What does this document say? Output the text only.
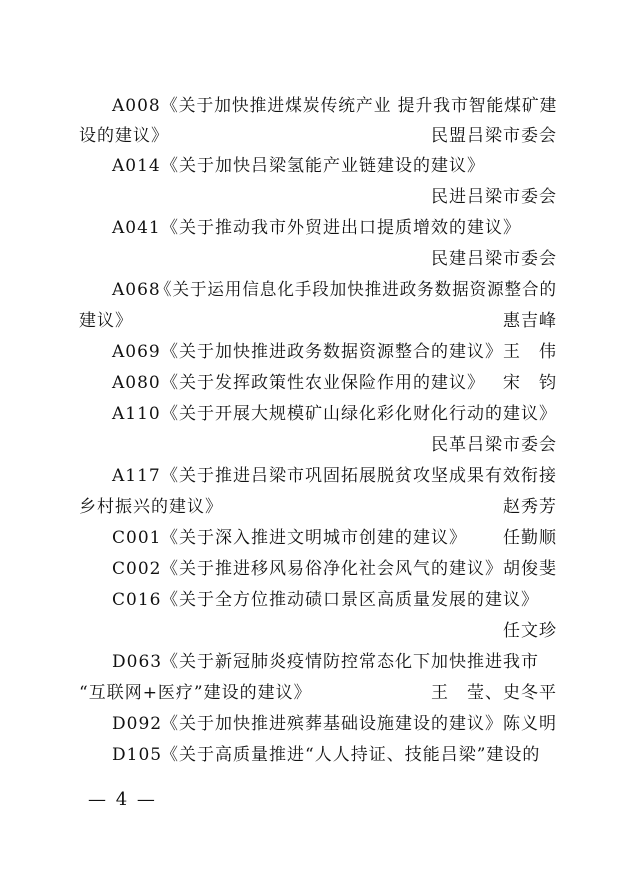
A008 《关于加快推进煤炭传统产业 提升我市智能煤矿建
设的建议》	民盟吕梁市委会
A014 《关于加快吕梁氢能产业链建设的建议》
民进吕梁市委会
A041 《关于推动我市外贸进出口提质增效的建议》
民建吕梁市委会
A068
《关于运用信息化手段加快推进政务数据资源整合的
建议》	惠吉峰
A069 《关于加快推进政务数据资源整合的建议》 王　伟
A080 《关于发挥政策性农业保险作用的建议》 宋　钧
A110 《关于开展大规模矿山绿化彩化财化行动的建议》
民革吕梁市委会
A117 《关于推进吕梁市巩固拓展脱贫攻坚成果有效衔接
乡村振兴的建议》	赵秀芳
C001 《关于深入推进文明城市创建的建议》 任勤顺
C002 《关于推进移风易俗净化社会风气的建议》 胡俊斐
C016 《关于全方位推动碛口景区高质量发展的建议》
任文珍
D063
《关于新冠肺炎疫情防控常态化下加快推进我市
“互联网+医疗”建设的建议》	王　莹、史冬平
D092
《关于加快推进殡葬基础设施建设的建议》 陈义明
D105
《关于高质量推进“人人持证、技能吕梁”建设的
— 4 —
